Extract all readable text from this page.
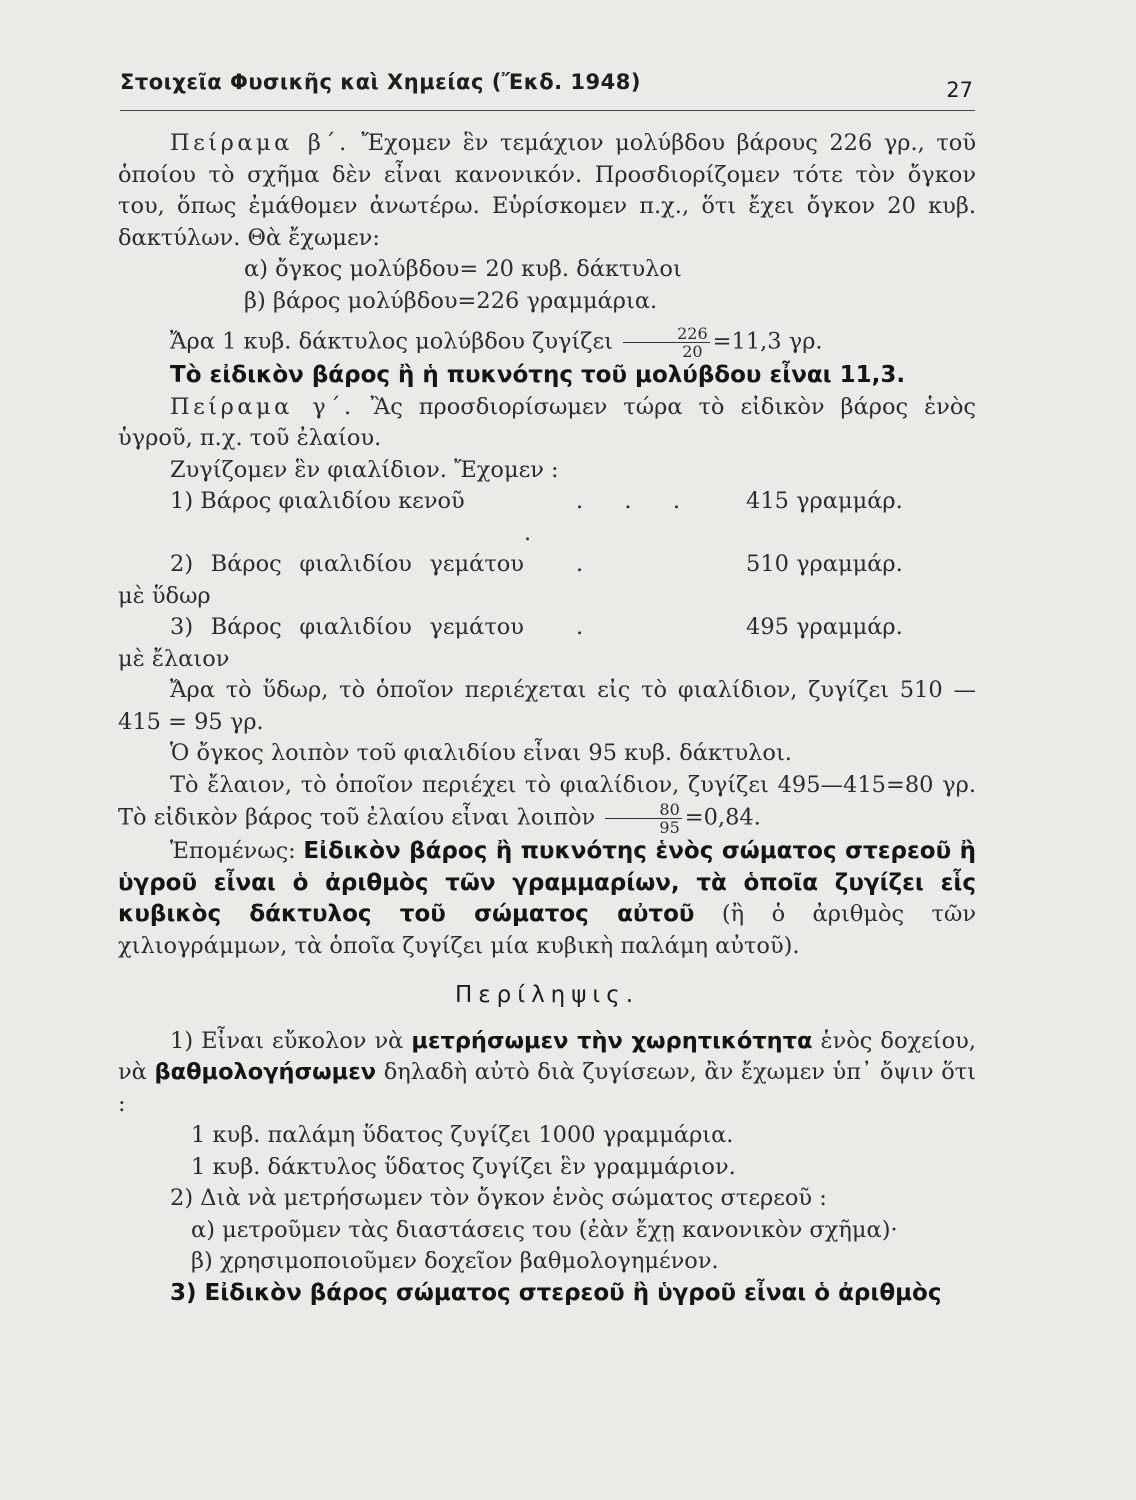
Στοιχεῖα Φυσικῆς καὶ Χημείας (Ἔκδ. 1948)	27

Πείραμα β΄. Ἔχομεν ἓν τεμάχιον μολύβδου βάρους 226 γρ., τοῦ ὁποίου τὸ σχῆμα δὲν εἶναι κανονικόν. Προσδιορίζομεν τότε τὸν ὄγκον του, ὅπως ἐμάθομεν ἀνωτέρω. Εὑρίσκομεν π.χ., ὅτι ἔχει ὄγκον 20 κυβ. δακτύλων. Θὰ ἔχωμεν:

α) ὄγκος μολύβδου= 20 κυβ. δάκτυλοι

β) βάρος μολύβδου=226 γραμμάρια.

Ἄρα 1 κυβ. δάκτυλος μολύβδου ζυγίζει $\frac{226}{20} =11,3$ γρ.

Τὸ εἰδικὸν βάρος ἢ ἡ πυκνότης τοῦ μολύβδου εἶναι 11,3.

Πείραμα γ΄. Ἂς προσδιορίσωμεν τώρα τὸ εἰδικὸν βάρος ἑνὸς ὑγροῦ, π.χ. τοῦ ἐλαίου.

Ζυγίζομεν ἓν φιαλίδιον. Ἔχομεν :

1) Βάρος φιαλιδίου κενοῦ	. . . .
415 γραμμάρ.
2) Βάρος φιαλιδίου γεμάτου μὲ ὕδωρ
.	510 γραμμάρ.
3) Βάρος φιαλιδίου γεμάτου μὲ ἔλαιον
.	495 γραμμάρ.

Ἄρα τὸ ὕδωρ, τὸ ὁποῖον περιέχεται εἰς τὸ φιαλίδιον, ζυγίζει 510 — 415 = 95 γρ.

Ὁ ὄγκος λοιπὸν τοῦ φιαλιδίου εἶναι 95 κυβ. δάκτυλοι.

Τὸ ἔλαιον, τὸ ὁποῖον περιέχει τὸ φιαλίδιον, ζυγίζει 495—415=80 γρ. Τὸ εἰδικὸν βάρος τοῦ ἐλαίου εἶναι λοιπὸν $\frac{80}{95} =0,84$.

Ἑπομένως: Εἰδικὸν βάρος ἢ πυκνότης ἑνὸς σώματος στερεοῦ ἢ ὑγροῦ εἶναι ὁ ἀριθμὸς τῶν γραμμαρίων, τὰ ὁποῖα ζυγίζει εἷς κυβικὸς δάκτυλος τοῦ σώματος αὐτοῦ (ἢ ὁ ἀριθμὸς τῶν χιλιογράμμων, τὰ ὁποῖα ζυγίζει μία κυβικὴ παλάμη αὐτοῦ).

Περίληψις.

1) Εἶναι εὔκολον νὰ μετρήσωμεν τὴν χωρητικότητα ἑνὸς δοχείου, νὰ βαθμολογήσωμεν δηλαδὴ αὐτὸ διὰ ζυγίσεων, ἂν ἔχωμεν ὑπ᾿ ὄψιν ὅτι :

1 κυβ. παλάμη ὕδατος ζυγίζει 1000 γραμμάρια.

1 κυβ. δάκτυλος ὕδατος ζυγίζει ἓν γραμμάριον.

2) Διὰ νὰ μετρήσωμεν τὸν ὄγκον ἑνὸς σώματος στερεοῦ :

α) μετροῦμεν τὰς διαστάσεις του (ἐὰν ἔχῃ κανονικὸν σχῆμα)·

β) χρησιμοποιοῦμεν δοχεῖον βαθμολογημένον.

3) Εἰδικὸν βάρος σώματος στερεοῦ ἢ ὑγροῦ εἶναι ὁ ἀριθμὸς
